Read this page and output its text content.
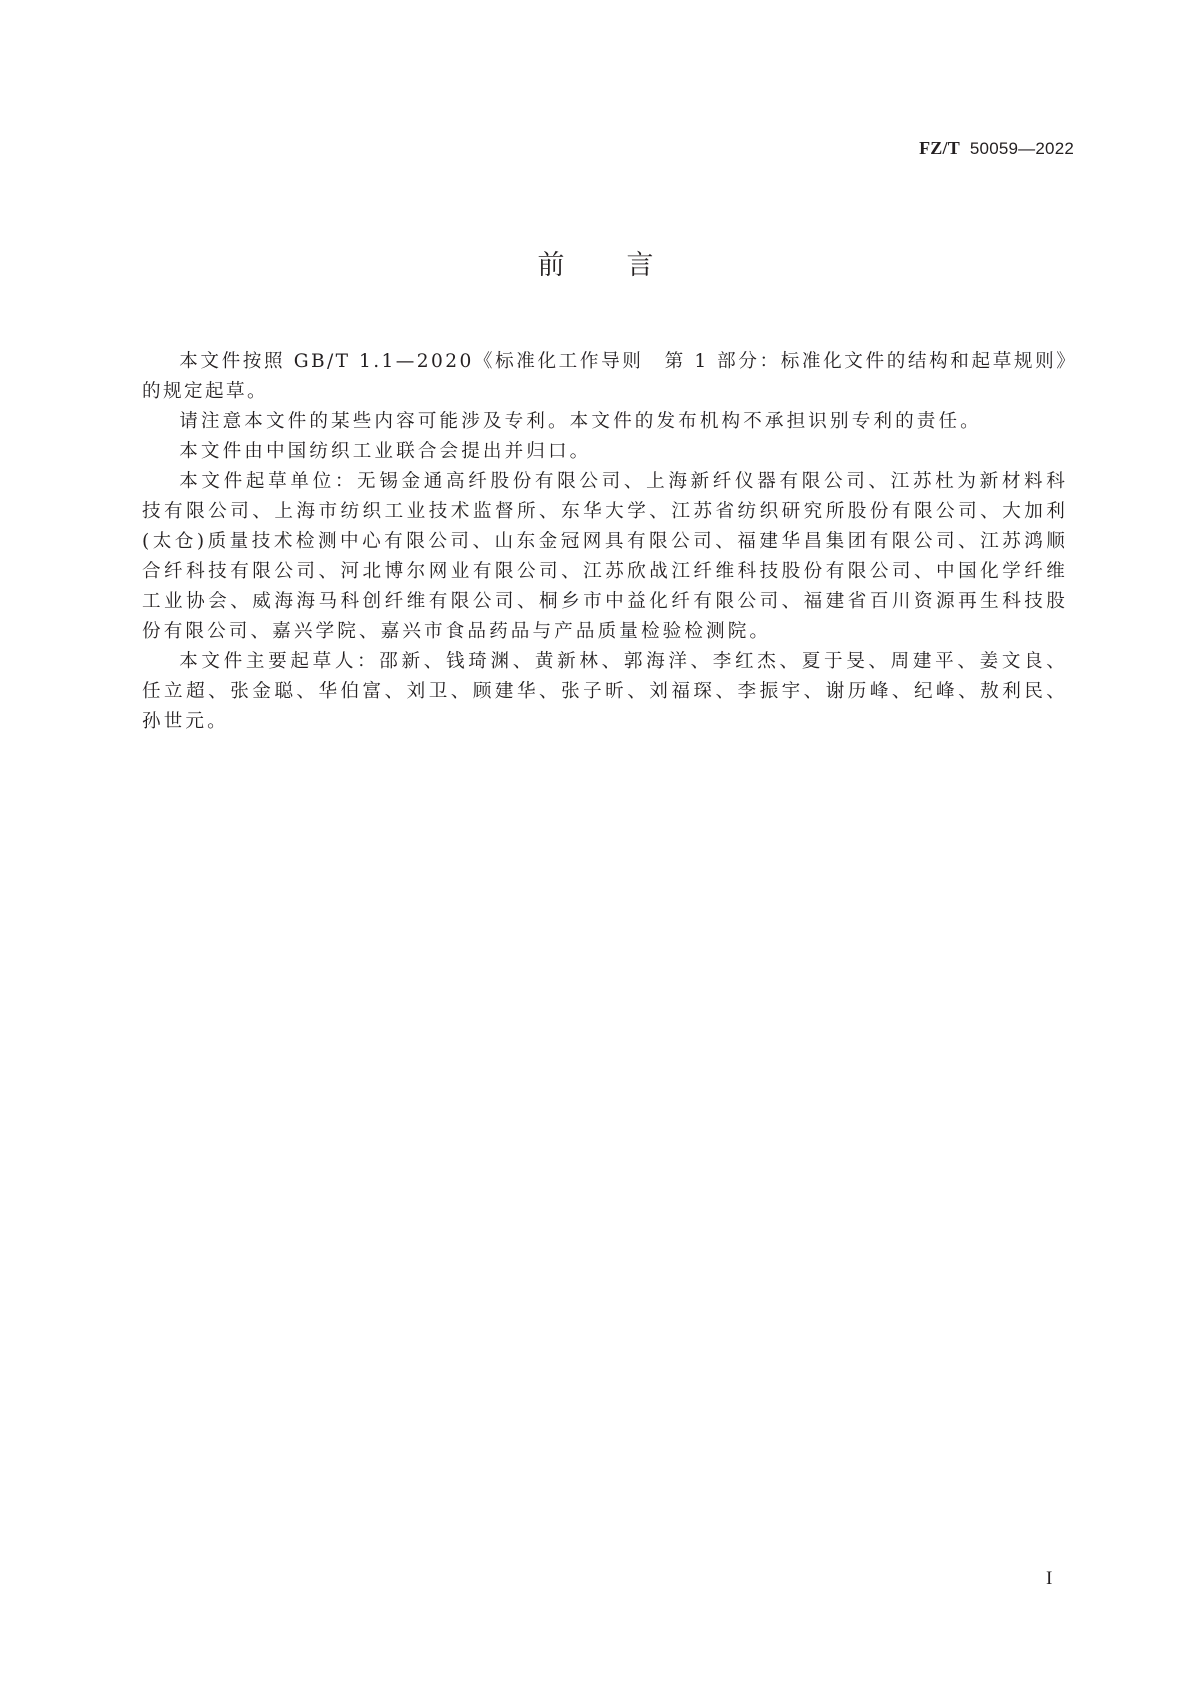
FZ/T 50059—2022
前言

本文件按照 GB/T 1.1—2020《标准化工作导则　第 1 部分：标准化文件的结构和起草规则》的规定起草。

请注意本文件的某些内容可能涉及专利。本文件的发布机构不承担识别专利的责任。

本文件由中国纺织工业联合会提出并归口。

本文件起草单位：无锡金通高纤股份有限公司、上海新纤仪器有限公司、江苏杜为新材料科技有限公司、上海市纺织工业技术监督所、东华大学、江苏省纺织研究所股份有限公司、大加利(太仓)质量技术检测中心有限公司、山东金冠网具有限公司、福建华昌集团有限公司、江苏鸿顺合纤科技有限公司、河北博尔网业有限公司、江苏欣战江纤维科技股份有限公司、中国化学纤维工业协会、威海海马科创纤维有限公司、桐乡市中益化纤有限公司、福建省百川资源再生科技股份有限公司、嘉兴学院、嘉兴市食品药品与产品质量检验检测院。

本文件主要起草人：邵新、钱琦渊、黄新林、郭海洋、李红杰、夏于旻、周建平、姜文良、任立超、张金聪、华伯富、刘卫、顾建华、张子昕、刘福琛、李振宇、谢历峰、纪峰、敖利民、孙世元。

I
